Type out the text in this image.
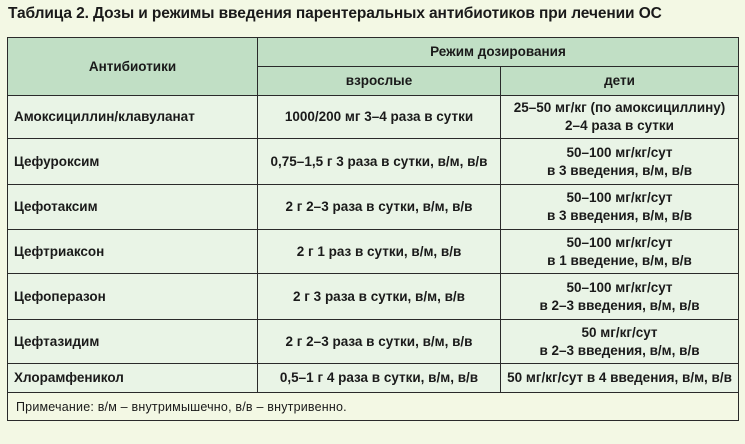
Таблица 2. Дозы и режимы введения парентеральных антибиотиков при лечении ОС
Антибиотики	Режим дозирования	
	взрослые	дети
Амоксициллин/клавуланат	1000/200 мг 3–4 раза в сутки	25–50 мг/кг (по амоксициллину)
2–4 раза в сутки

Цефуроксим	0,75–1,5 г 3 раза в сутки, в/м, в/в	50–100 мг/кг/сут
в 3 введения, в/м, в/в

Цефотаксим	2 г 2–3 раза в сутки, в/м, в/в	50–100 мг/кг/сут
в 3 введения, в/м, в/в

Цефтриаксон	2 г 1 раз в сутки, в/м, в/в	50–100 мг/кг/сут
в 1 введение, в/м, в/в

Цефоперазон	2 г 3 раза в сутки, в/м, в/в	50–100 мг/кг/сут
в 2–3 введения, в/м, в/в

Цефтазидим	2 г 2–3 раза в сутки, в/м, в/в	50 мг/кг/сут
в 2–3 введения, в/м, в/в

Хлорамфеникол	0,5–1 г 4 раза в сутки, в/м, в/в	50 мг/кг/сут в 4 введения, в/м, в/в
Примечание: в/м – внутримышечно, в/в – внутривенно.		
